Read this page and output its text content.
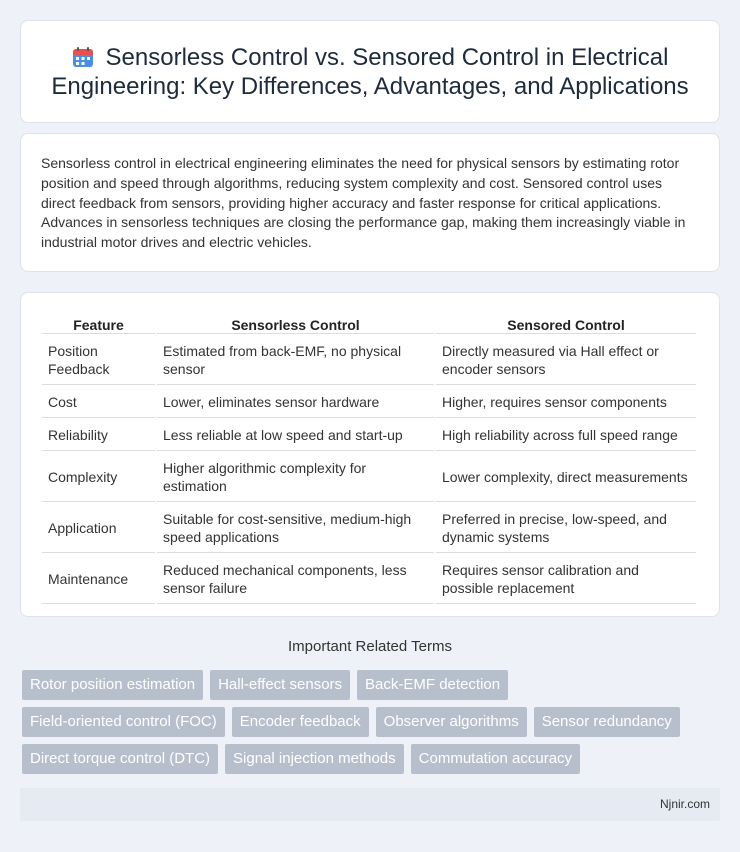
Sensorless Control vs. Sensored Control in Electrical Engineering: Key Differences, Advantages, and Applications

Sensorless control in electrical engineering eliminates the need for physical sensors by estimating rotor position and speed through algorithms, reducing system complexity and cost. Sensored control uses direct feedback from sensors, providing higher accuracy and faster response for critical applications. Advances in sensorless techniques are closing the performance gap, making them increasingly viable in industrial motor drives and electric vehicles.

Feature	Sensorless Control	Sensored Control
Position Feedback	Estimated from back-EMF, no physical sensor	Directly measured via Hall effect or encoder sensors
Cost	Lower, eliminates sensor hardware	Higher, requires sensor components
Reliability	Less reliable at low speed and start-up	High reliability across full speed range
Complexity	Higher algorithmic complexity for estimation	Lower complexity, direct measurements
Application	Suitable for cost-sensitive, medium-high speed applications	Preferred in precise, low-speed, and dynamic systems
Maintenance	Reduced mechanical components, less sensor failure	Requires sensor calibration and possible replacement
Important Related Terms
Rotor position estimation	Hall-effect sensors	Back-EMF detection
Field-oriented control (FOC)	Encoder feedback	Observer algorithms	Sensor redundancy
Direct torque control (DTC)	Signal injection methods	Commutation accuracy
Njnir.com
